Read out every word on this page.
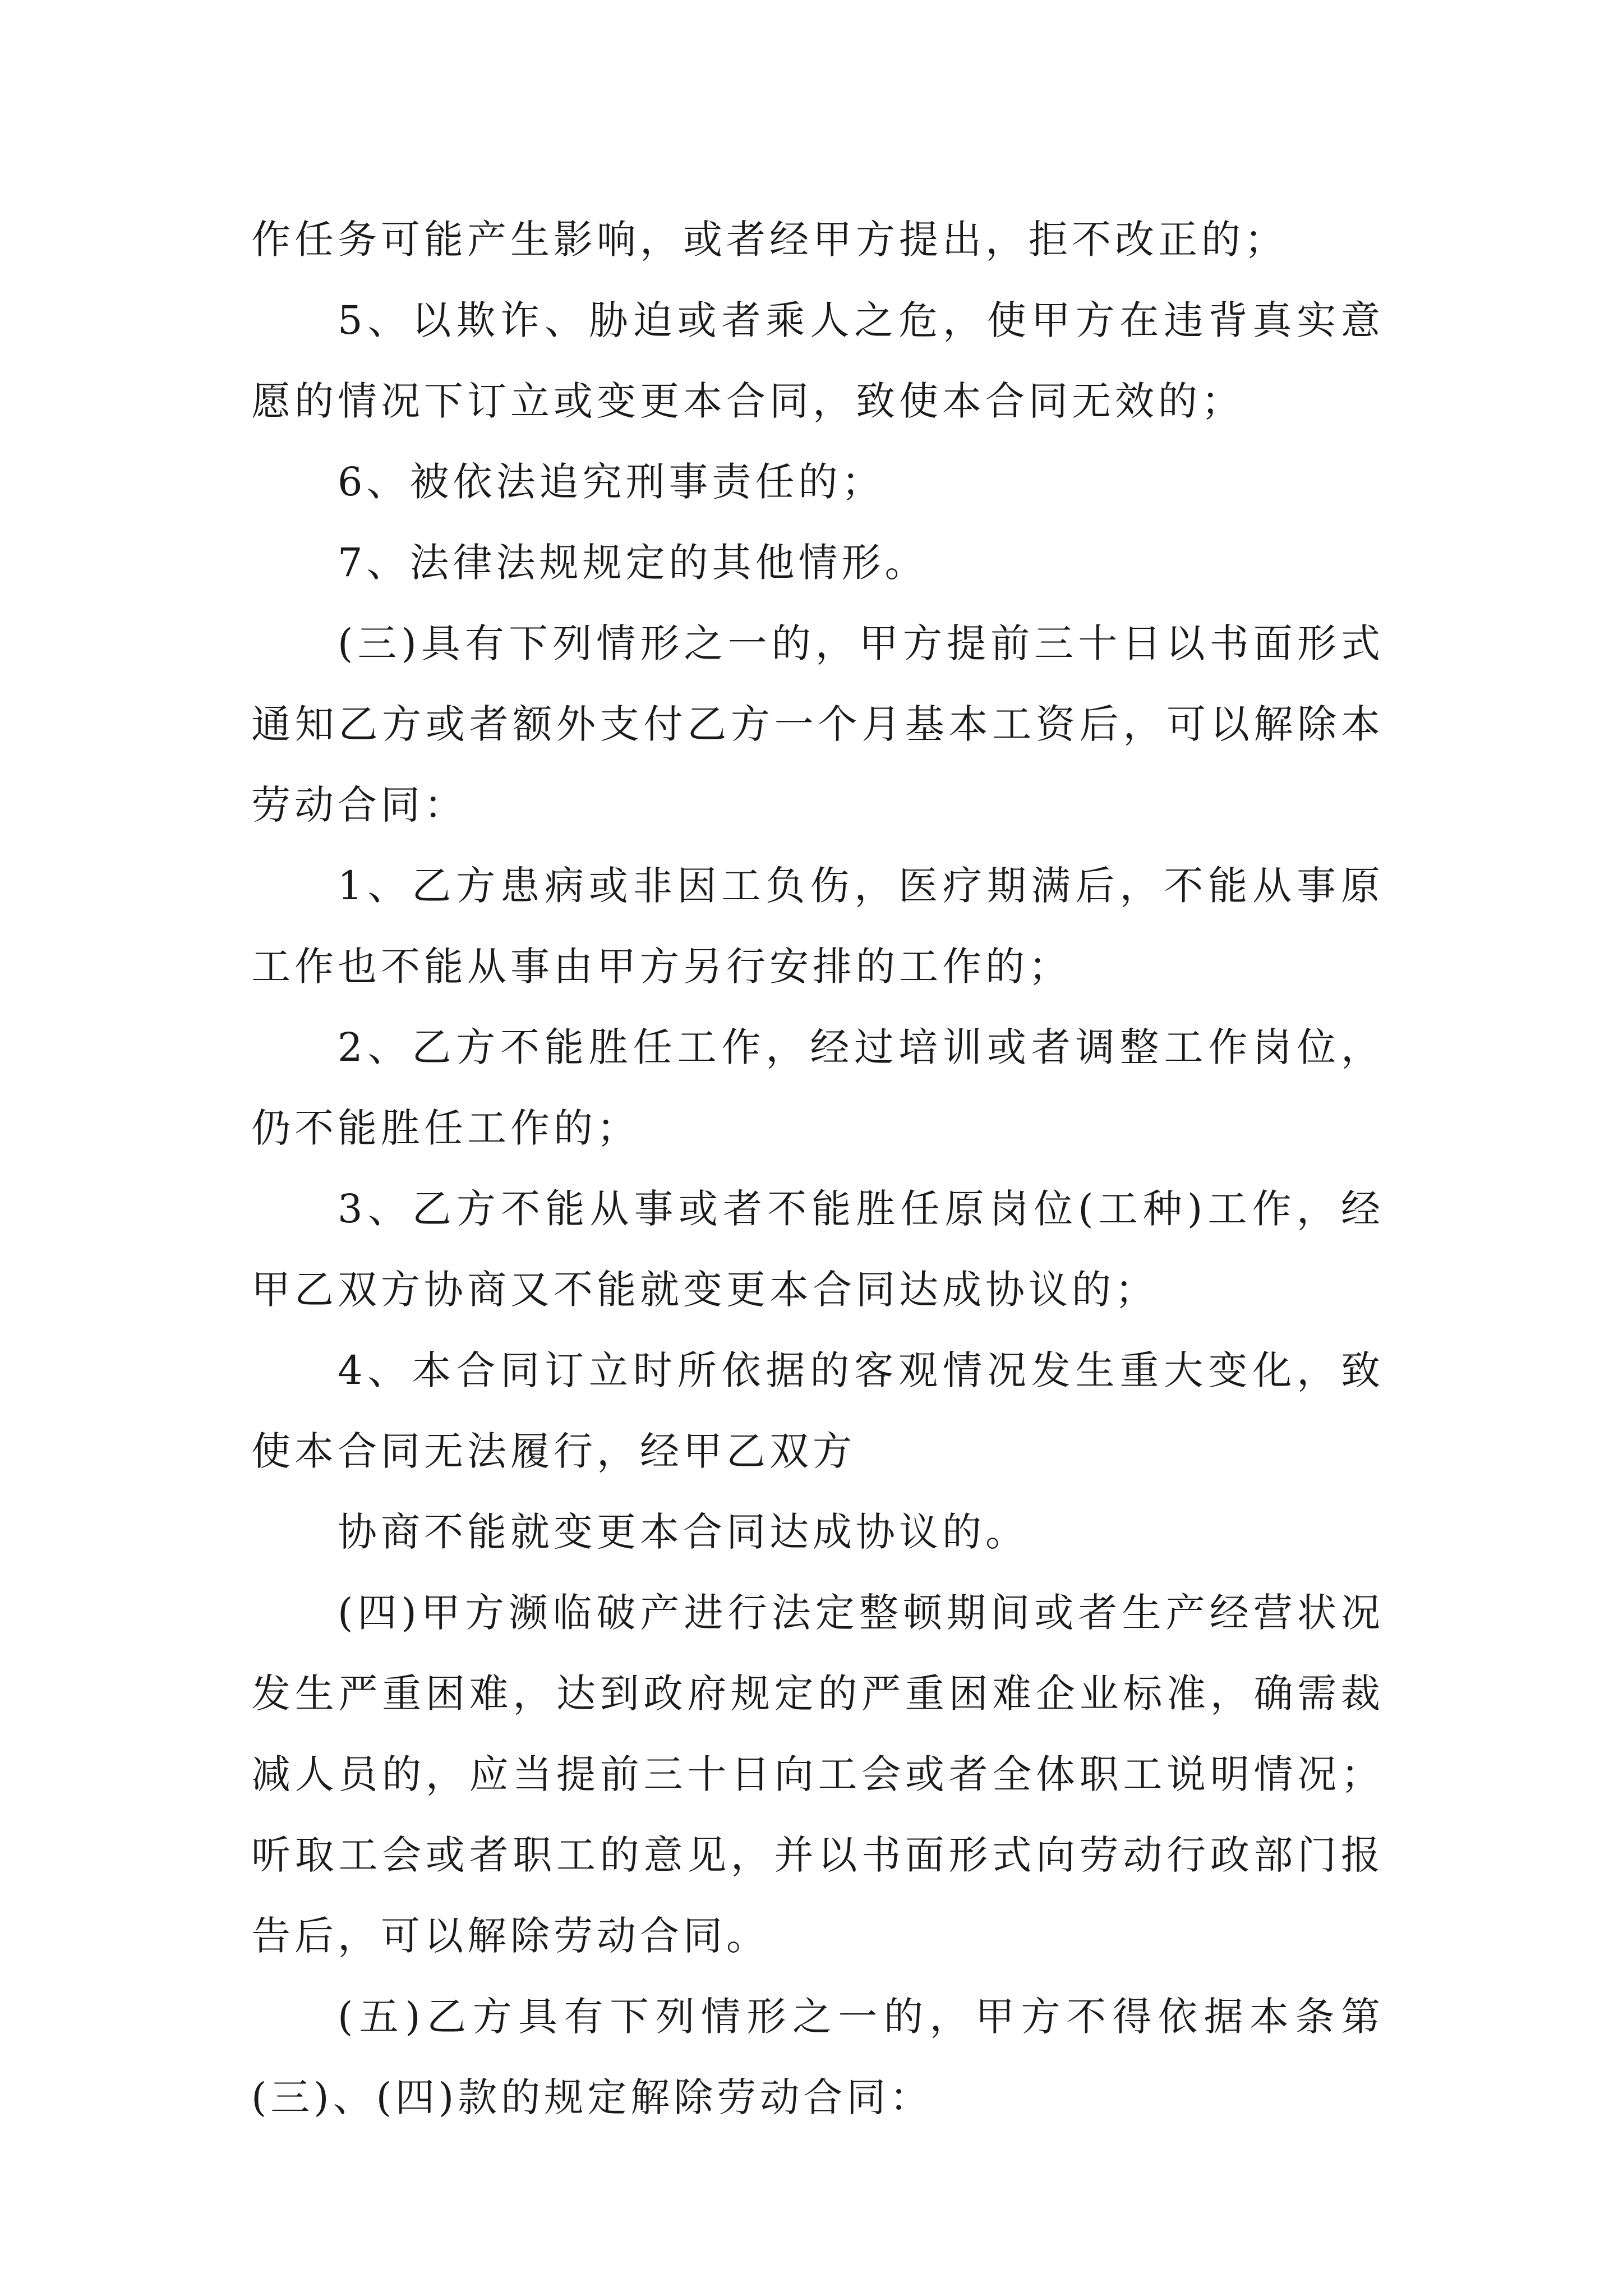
作任务可能产生影响，或者经甲方提出，拒不改正的；

5、以欺诈、胁迫或者乘人之危，使甲方在违背真实意愿的情况下订立或变更本合同，致使本合同无效的；

6、被依法追究刑事责任的；

7、法律法规规定的其他情形。

(三)具有下列情形之一的，甲方提前三十日以书面形式通知乙方或者额外支付乙方一个月基本工资后，可以解除本劳动合同：

1、乙方患病或非因工负伤，医疗期满后，不能从事原工作也不能从事由甲方另行安排的工作的；

2、乙方不能胜任工作，经过培训或者调整工作岗位，仍不能胜任工作的；

3、乙方不能从事或者不能胜任原岗位(工种)工作，经甲乙双方协商又不能就变更本合同达成协议的；

4、本合同订立时所依据的客观情况发生重大变化，致使本合同无法履行，经甲乙双方

协商不能就变更本合同达成协议的。

(四)甲方濒临破产进行法定整顿期间或者生产经营状况发生严重困难，达到政府规定的严重困难企业标准，确需裁减人员的，应当提前三十日向工会或者全体职工说明情况；听取工会或者职工的意见，并以书面形式向劳动行政部门报告后，可以解除劳动合同。

(五)乙方具有下列情形之一的，甲方不得依据本条第(三)、(四)款的规定解除劳动合同：
